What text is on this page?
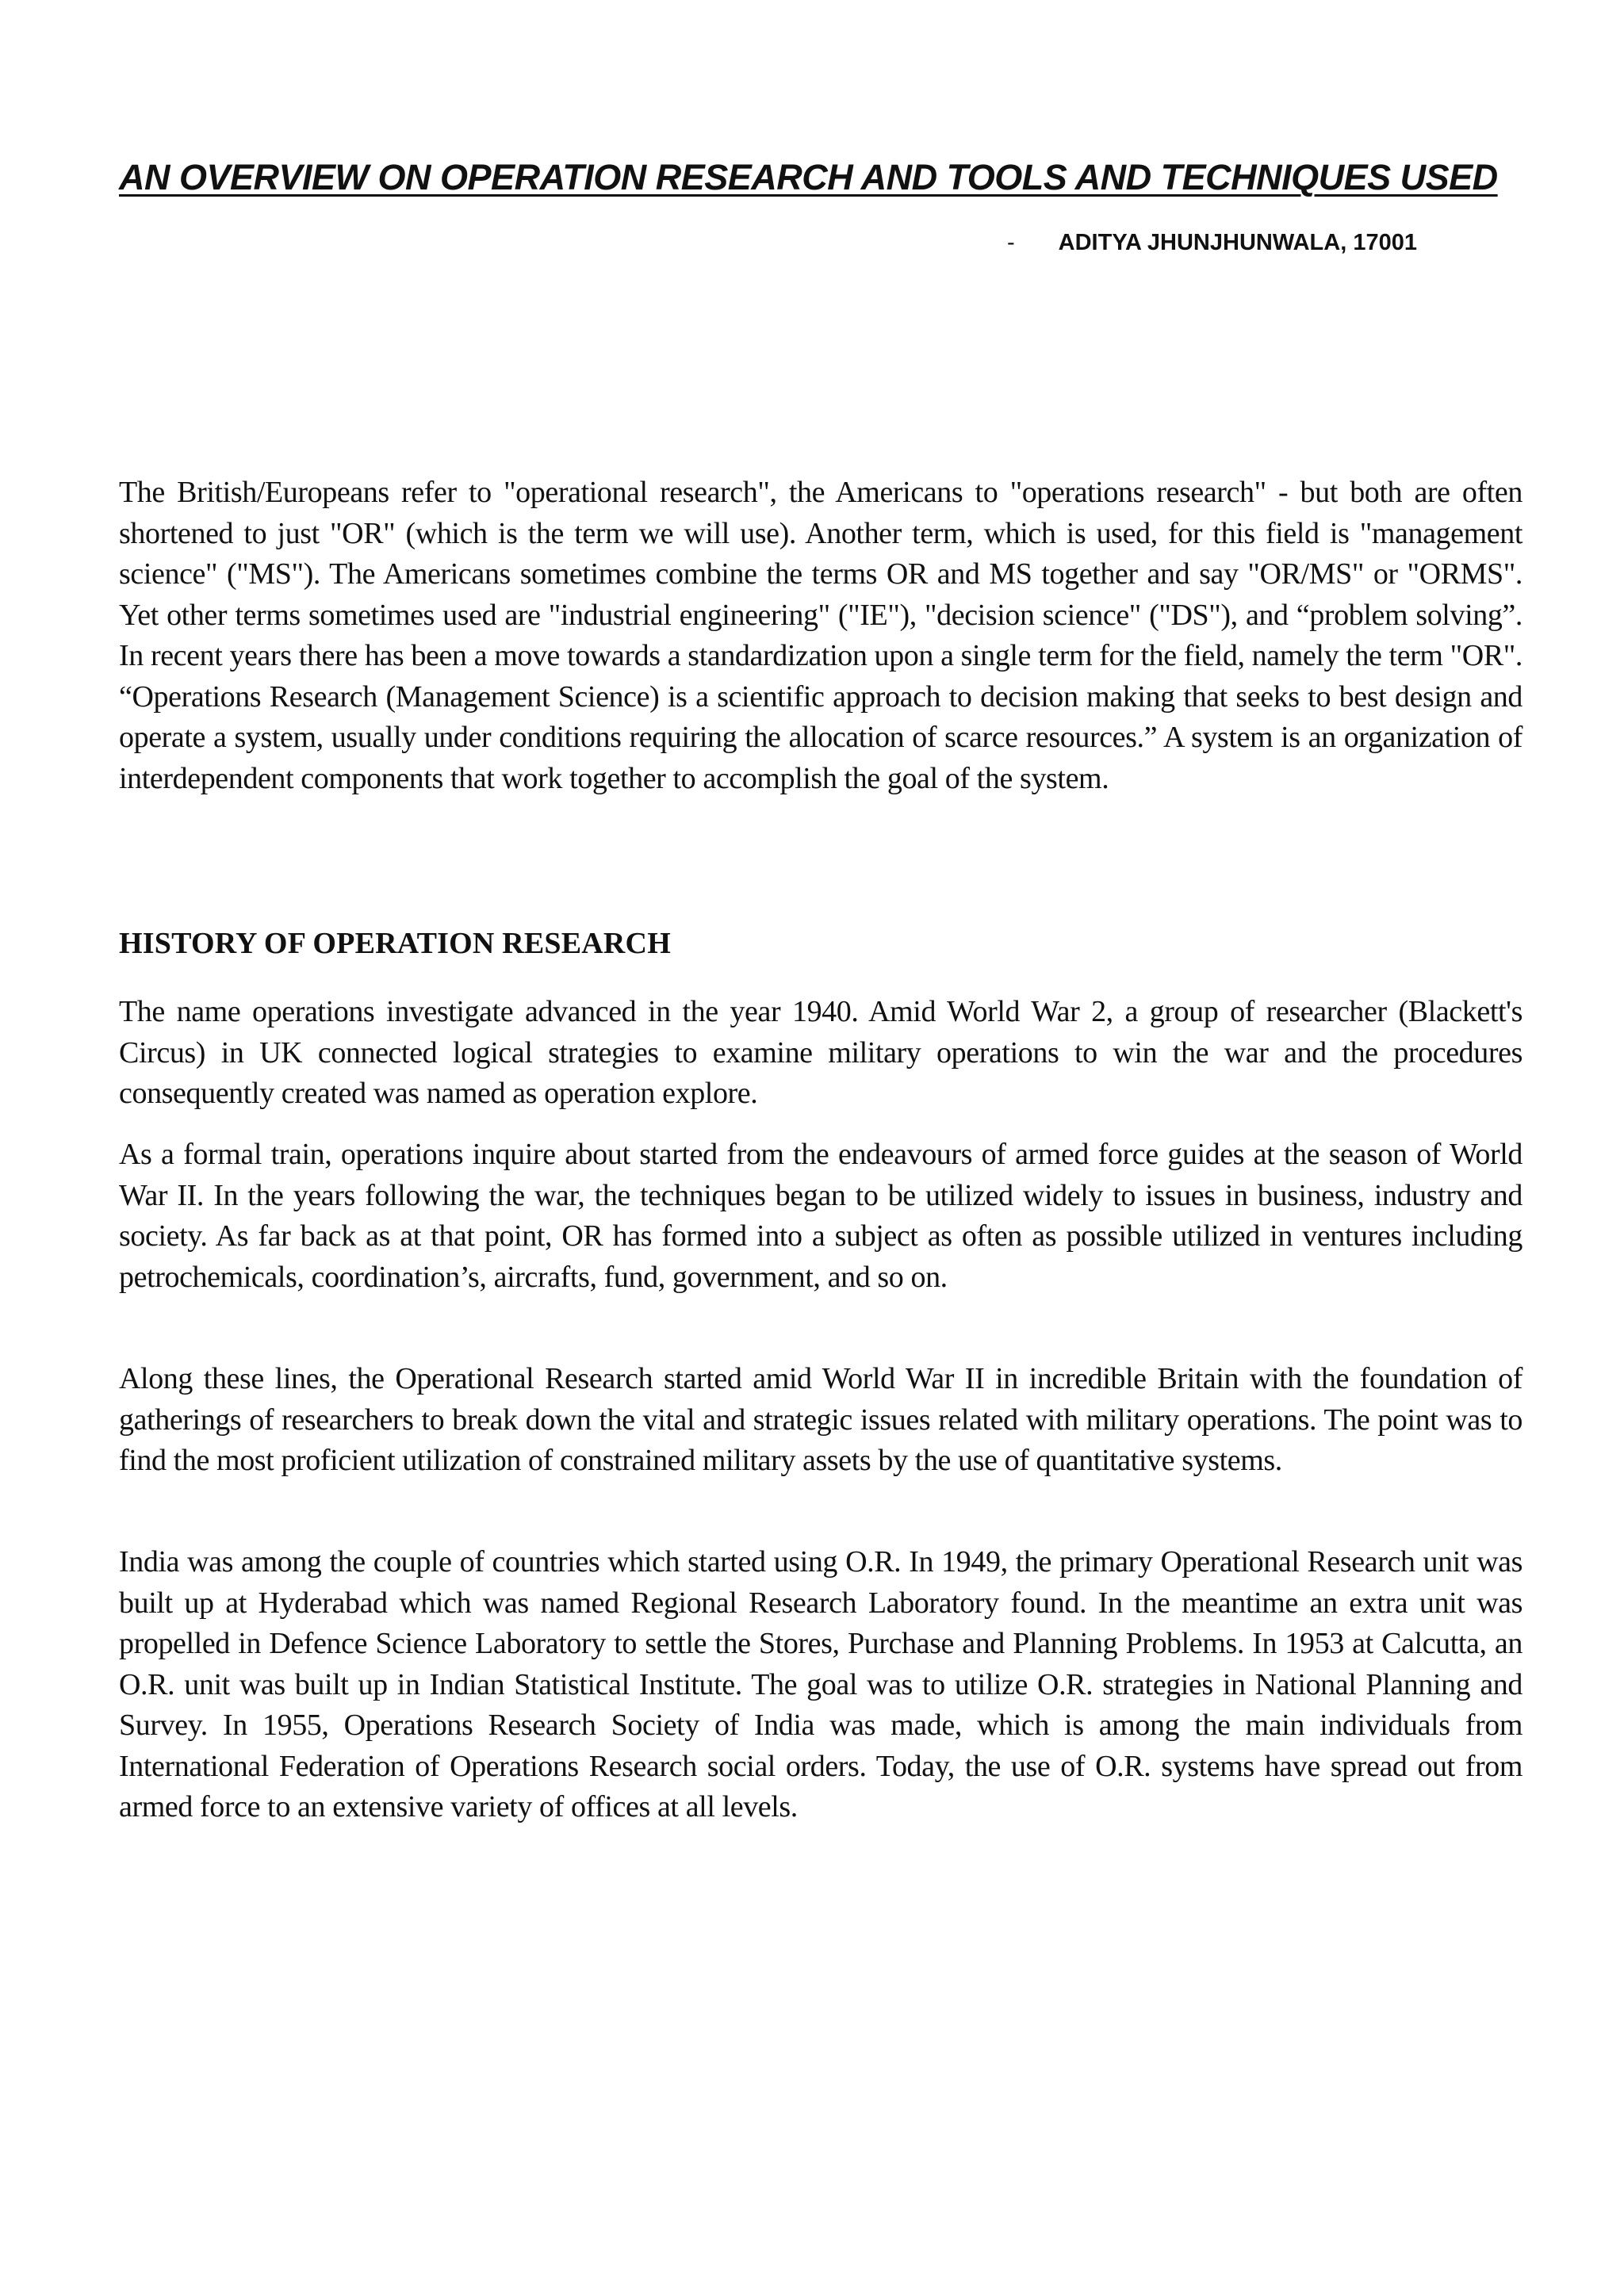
AN OVERVIEW ON OPERATION RESEARCH AND TOOLS AND TECHNIQUES USED
- ADITYA JHUNJHUNWALA, 17001

The British/Europeans refer to "operational research", the Americans to "operations research" - but both are often shortened to just "OR" (which is the term we will use). Another term, which is used, for this field is "management science" ("MS"). The Americans sometimes combine the terms OR and MS together and say "OR/MS" or "ORMS". Yet other terms sometimes used are "industrial engineering" ("IE"), "decision science" ("DS"), and “problem solving”. In recent years there has been a move towards a standardization upon a single term for the field, namely the term "OR". “Operations Research (Management Science) is a scientific approach to decision making that seeks to best design and operate a system, usually under conditions requiring the allocation of scarce resources.” A system is an organization of interdependent components that work together to accomplish the goal of the system.

HISTORY OF OPERATION RESEARCH

The name operations investigate advanced in the year 1940. Amid World War 2, a group of researcher (Blackett's Circus) in UK connected logical strategies to examine military operations to win the war and the procedures consequently created was named as operation explore.

As a formal train, operations inquire about started from the endeavours of armed force guides at the season of World War II. In the years following the war, the techniques began to be utilized widely to issues in business, industry and society. As far back as at that point, OR has formed into a subject as often as possible utilized in ventures including petrochemicals, coordination’s, aircrafts, fund, government, and so on.

Along these lines, the Operational Research started amid World War II in incredible Britain with the foundation of gatherings of researchers to break down the vital and strategic issues related with military operations. The point was to find the most proficient utilization of constrained military assets by the use of quantitative systems.

India was among the couple of countries which started using O.R. In 1949, the primary Operational Research unit was built up at Hyderabad which was named Regional Research Laboratory found. In the meantime an extra unit was propelled in Defence Science Laboratory to settle the Stores, Purchase and Planning Problems. In 1953 at Calcutta, an O.R. unit was built up in Indian Statistical Institute. The goal was to utilize O.R. strategies in National Planning and Survey. In 1955, Operations Research Society of India was made, which is among the main individuals from International Federation of Operations Research social orders. Today, the use of O.R. systems have spread out from armed force to an extensive variety of offices at all levels.
